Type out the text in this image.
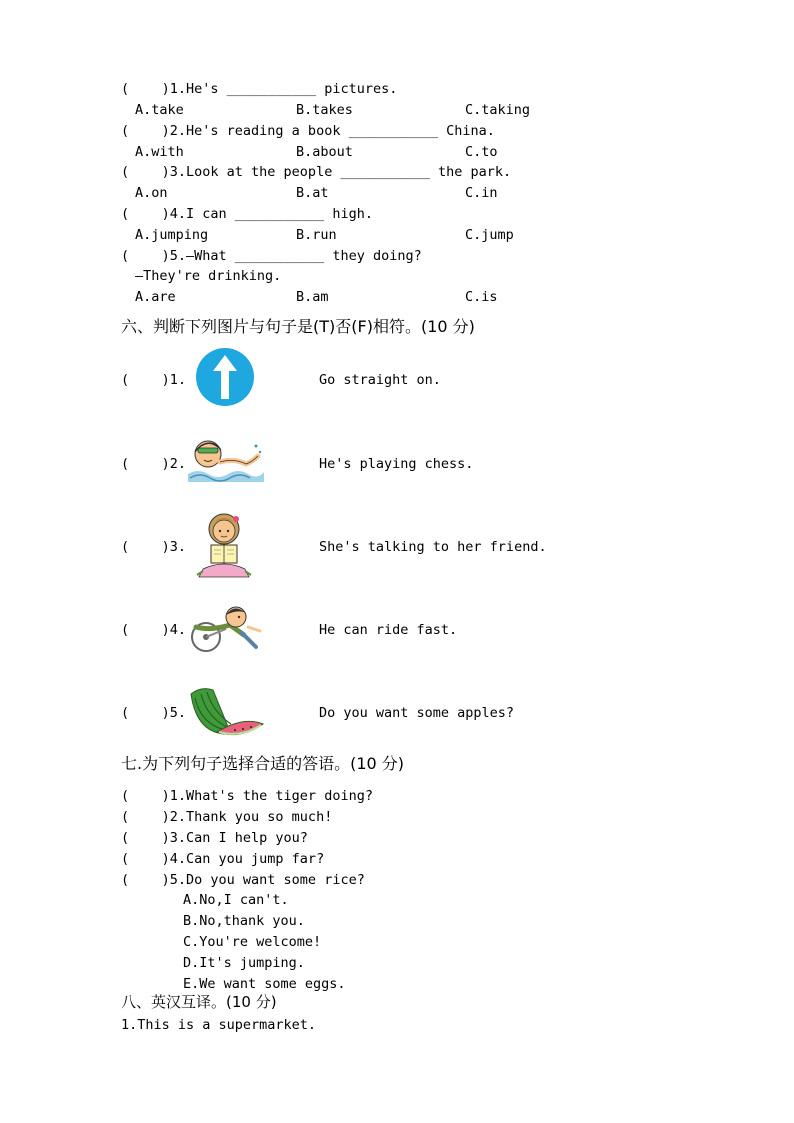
(    )1.He's ___________ pictures.
A.take	B.takes	C.taking
(    )2.He's reading a book ___________ China.
A.with	B.about	C.to
(    )3.Look at the people ___________ the park.
A.on	B.at	C.in
(    )4.I can ___________ high.
A.jumping	B.run	C.jump
(    )5.—What ___________ they doing?
—They're drinking.
A.are	B.am	C.is
六、判断下列图片与句子是(T)否(F)相符。(10 分)
(    )1.	Go straight on.
(    )2.	He's playing chess.
(    )3.	She's talking to her friend.
(    )4.	He can ride fast.
(    )5.	Do you want some apples?
七.为下列句子选择合适的答语。(10 分)
(    )1.What's the tiger doing?
(    )2.Thank you so much!
(    )3.Can I help you?
(    )4.Can you jump far?
(    )5.Do you want some rice?
A.No,I can't.
B.No,thank you.
C.You're welcome!
D.It's jumping.
E.We want some eggs.
八、英汉互译。(10 分)
1.This is a supermarket.
